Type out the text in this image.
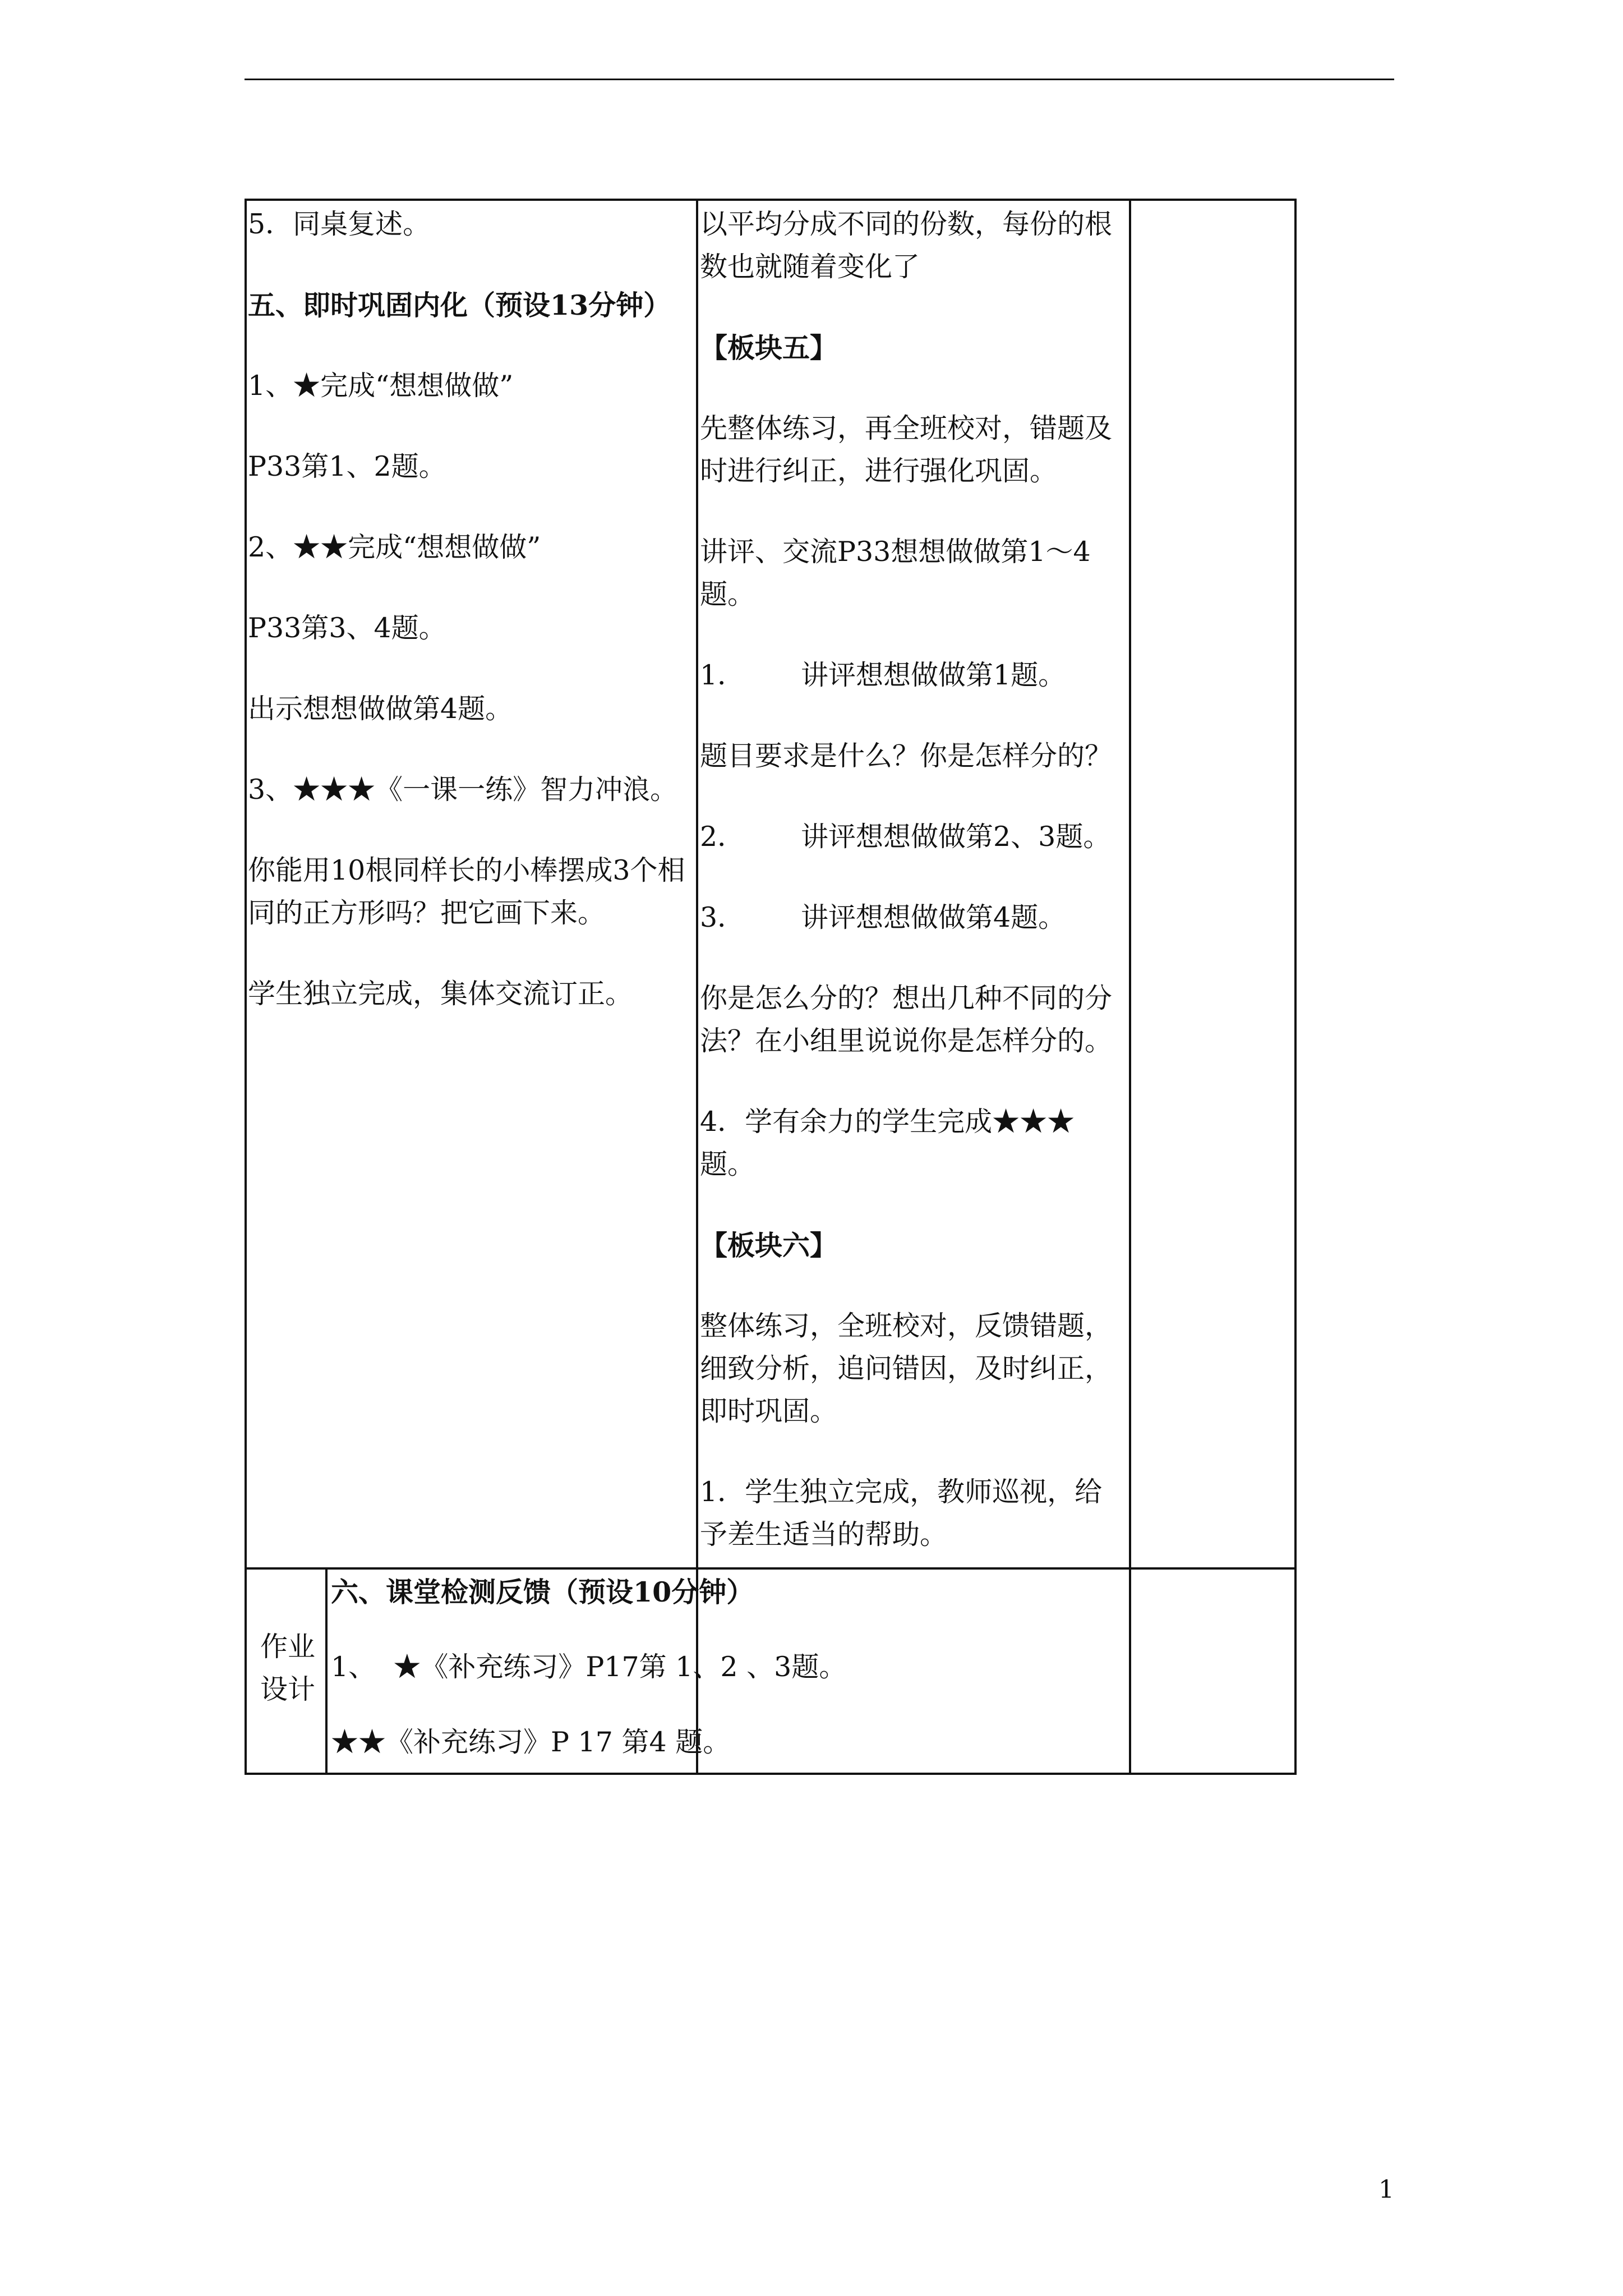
5．同桌复述。

五、即时巩固内化（预设13分钟）

1、★完成“想想做做”

P33第1、2题。

2、★★完成“想想做做”

P33第3、4题。

出示想想做做第4题。

3、★★★《一课一练》智力冲浪。

你能用10根同样长的小棒摆成3个相同的正方形吗？把它画下来。

学生独立完成，集体交流订正。

以平均分成不同的份数，每份的根数也就随着变化了

【板块五】

先整体练习，再全班校对，错题及时进行纠正，进行强化巩固。

讲评、交流P33想想做做第1～4题。

1． 讲评想想做做第1题。

题目要求是什么？你是怎样分的？

2． 讲评想想做做第2、3题。

3． 讲评想想做做第4题。

你是怎么分的？想出几种不同的分法？在小组里说说你是怎样分的。

4．学有余力的学生完成★★★题。

【板块六】

整体练习，全班校对，反馈错题，细致分析，追问错因，及时纠正，即时巩固。

1．学生独立完成，教师巡视，给予差生适当的帮助。

作业设计

六、课堂检测反馈（预设10分钟）

1、  ★《补充练习》P17第 1、2 、3题。

★★《补充练习》P 17 第4 题。

1
